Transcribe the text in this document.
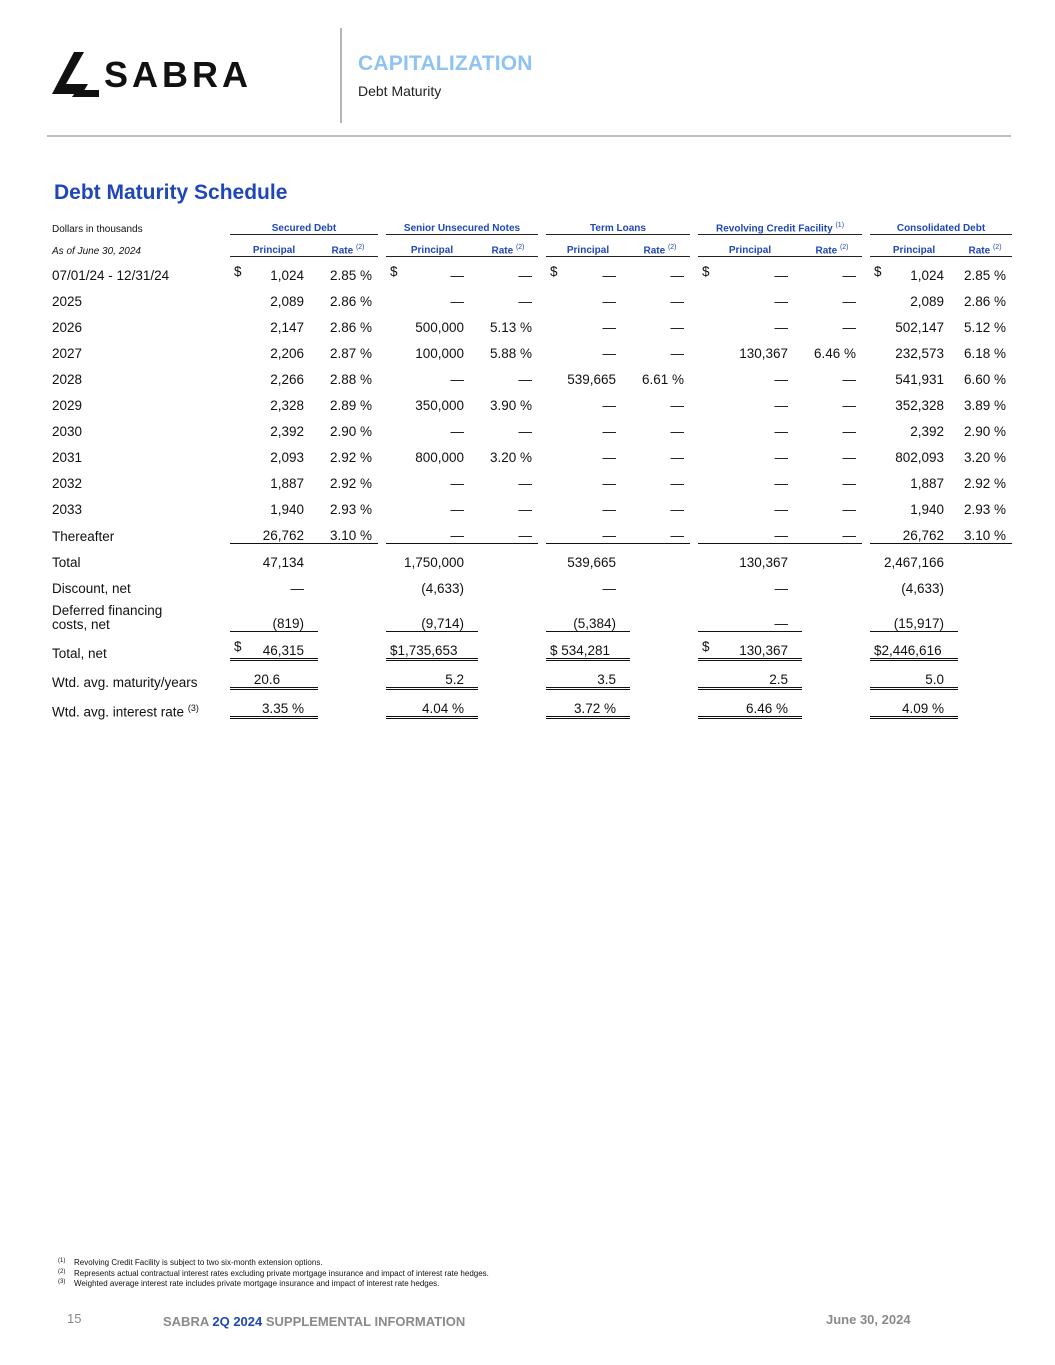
SABRA	CAPITALIZATION
Debt Maturity
Debt Maturity Schedule
Dollars in thousands	Secured Debt			Senior Unsecured Notes			Term Loans			Revolving Credit Facility $^{(1)}$			Consolidated Debt	
As of June 30, 2024	Principal	Rate $^{(2)}$		Principal	Rate $^{(2)}$		Principal	Rate $^{(2)}$		Principal	Rate $^{(2)}$		Principal	Rate $^{(2)}$
07/01/24 - 12/31/24	$ 1,024	2.85 %		$ —	—		$ —	—		$ —	—		$ 1,024	2.85 %
2025	2,089	2.86 %		—	—		—	—		—	—		2,089	2.86 %
2026	2,147	2.86 %		500,000	5.13 %		—	—		—	—		502,147	5.12 %
2027	2,206	2.87 %		100,000	5.88 %		—	—		130,367	6.46 %		232,573	6.18 %
2028	2,266	2.88 %		—	—		539,665	6.61 %		—	—		541,931	6.60 %
2029	2,328	2.89 %		350,000	3.90 %		—	—		—	—		352,328	3.89 %
2030	2,392	2.90 %		—	—		—	—		—	—		2,392	2.90 %
2031	2,093	2.92 %		800,000	3.20 %		—	—		—	—		802,093	3.20 %
2032	1,887	2.92 %		—	—		—	—		—	—		1,887	2.92 %
2033	1,940	2.93 %		—	—		—	—		—	—		1,940	2.93 %
Thereafter	26,762	3.10 %		—	—		—	—		—	—		26,762	3.10 %
Total	47,134			1,750,000			539,665			130,367			2,467,166	
Discount, net	—			(4,633)			—			—			(4,633)	
Deferred financing
costs, net	(819)			(9,714)			(5,384)			—			(15,917)	
Total, net	$ 46,315			$1,735,653			$ 534,281			$ 130,367			$2,446,616	
Wtd. avg. maturity/years	20.6			5.2			3.5			2.5			5.0	
Wtd. avg. interest rate $^{(3)}$	3.35 %			4.04 %			3.72 %			6.46 %			4.09 %	
(1) Revolving Credit Facility is subject to two six-month extension options.
(2) Represents actual contractual interest rates excluding private mortgage insurance and impact of interest rate hedges.
(3) Weighted average interest rate includes private mortgage insurance and impact of interest rate hedges.
15	SABRA 2Q 2024 SUPPLEMENTAL INFORMATION	June 30, 2024
